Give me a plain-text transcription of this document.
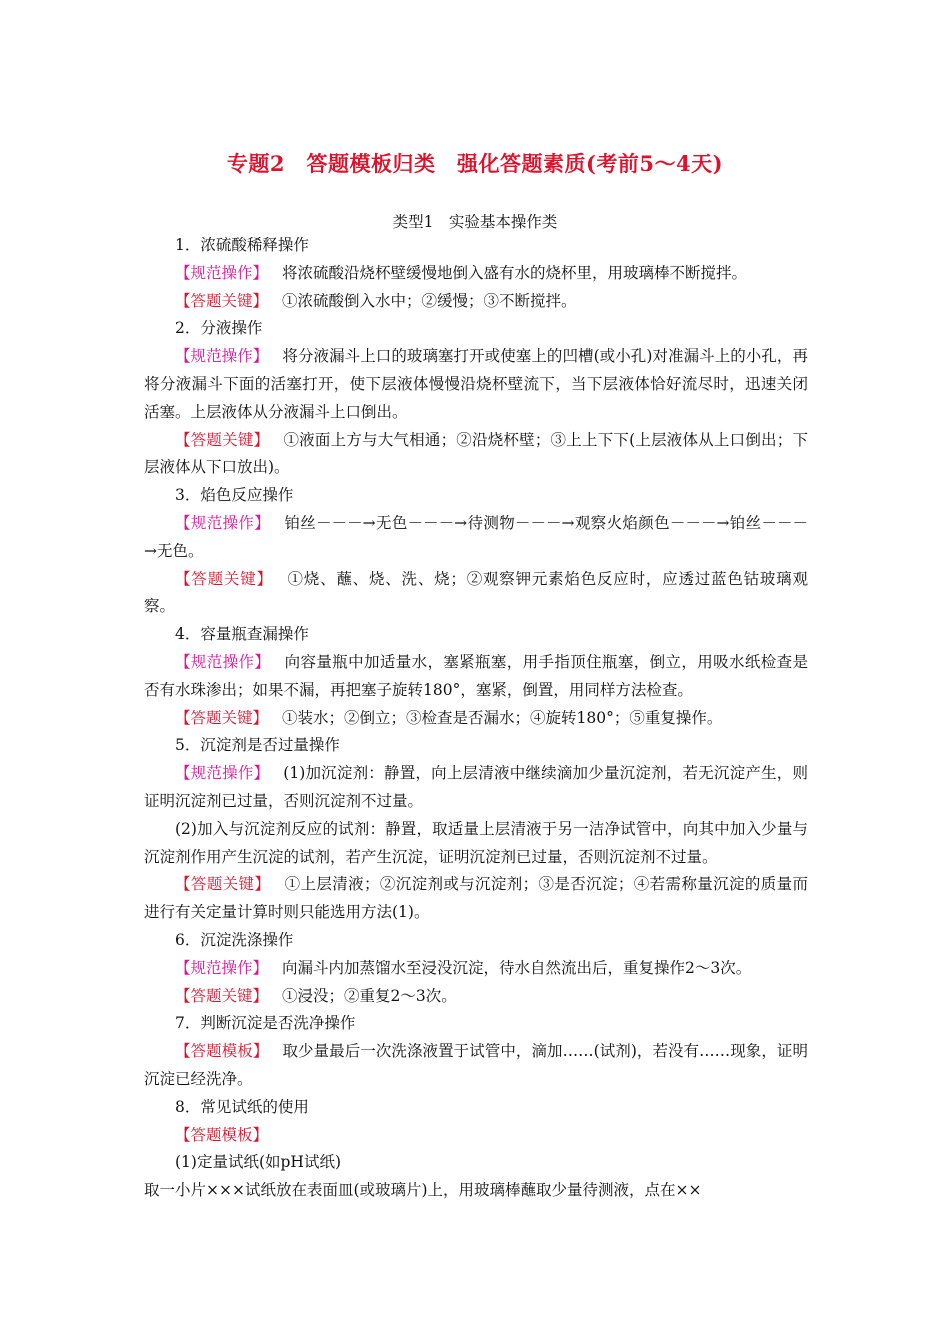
专题2　答题模板归类　强化答题素质(考前5～4天)
类型1　实验基本操作类

1．浓硫酸稀释操作

【规范操作】 将浓硫酸沿烧杯壁缓慢地倒入盛有水的烧杯里，用玻璃棒不断搅拌。

【答题关键】 ①浓硫酸倒入水中；②缓慢；③不断搅拌。

2．分液操作

【规范操作】 将分液漏斗上口的玻璃塞打开或使塞上的凹槽(或小孔)对准漏斗上的小孔，再将分液漏斗下面的活塞打开，使下层液体慢慢沿烧杯壁流下，当下层液体恰好流尽时，迅速关闭活塞。上层液体从分液漏斗上口倒出。

【答题关键】 ①液面上方与大气相通；②沿烧杯壁；③上上下下(上层液体从上口倒出；下层液体从下口放出)。

3．焰色反应操作

【规范操作】 铂丝－－－→无色－－－→待测物－－－→观察火焰颜色－－－→铂丝－－－→无色。

【答题关键】 ①烧、蘸、烧、洗、烧；②观察钾元素焰色反应时，应透过蓝色钴玻璃观察。

4．容量瓶查漏操作

【规范操作】 向容量瓶中加适量水，塞紧瓶塞，用手指顶住瓶塞，倒立，用吸水纸检查是否有水珠渗出；如果不漏，再把塞子旋转180°，塞紧，倒置，用同样方法检查。

【答题关键】 ①装水；②倒立；③检查是否漏水；④旋转180°；⑤重复操作。

5．沉淀剂是否过量操作

【规范操作】 (1)加沉淀剂：静置，向上层清液中继续滴加少量沉淀剂，若无沉淀产生，则证明沉淀剂已过量，否则沉淀剂不过量。

(2)加入与沉淀剂反应的试剂：静置，取适量上层清液于另一洁净试管中，向其中加入少量与沉淀剂作用产生沉淀的试剂，若产生沉淀，证明沉淀剂已过量，否则沉淀剂不过量。

【答题关键】 ①上层清液；②沉淀剂或与沉淀剂；③是否沉淀；④若需称量沉淀的质量而进行有关定量计算时则只能选用方法(1)。

6．沉淀洗涤操作

【规范操作】 向漏斗内加蒸馏水至浸没沉淀，待水自然流出后，重复操作2～3次。

【答题关键】 ①浸没；②重复2～3次。

7．判断沉淀是否洗净操作

【答题模板】 取少量最后一次洗涤液置于试管中，滴加……(试剂)，若没有……现象，证明沉淀已经洗净。

8．常见试纸的使用

【答题模板】

(1)定量试纸(如pH试纸)

取一小片×××试纸放在表面皿(或玻璃片)上，用玻璃棒蘸取少量待测液，点在××
